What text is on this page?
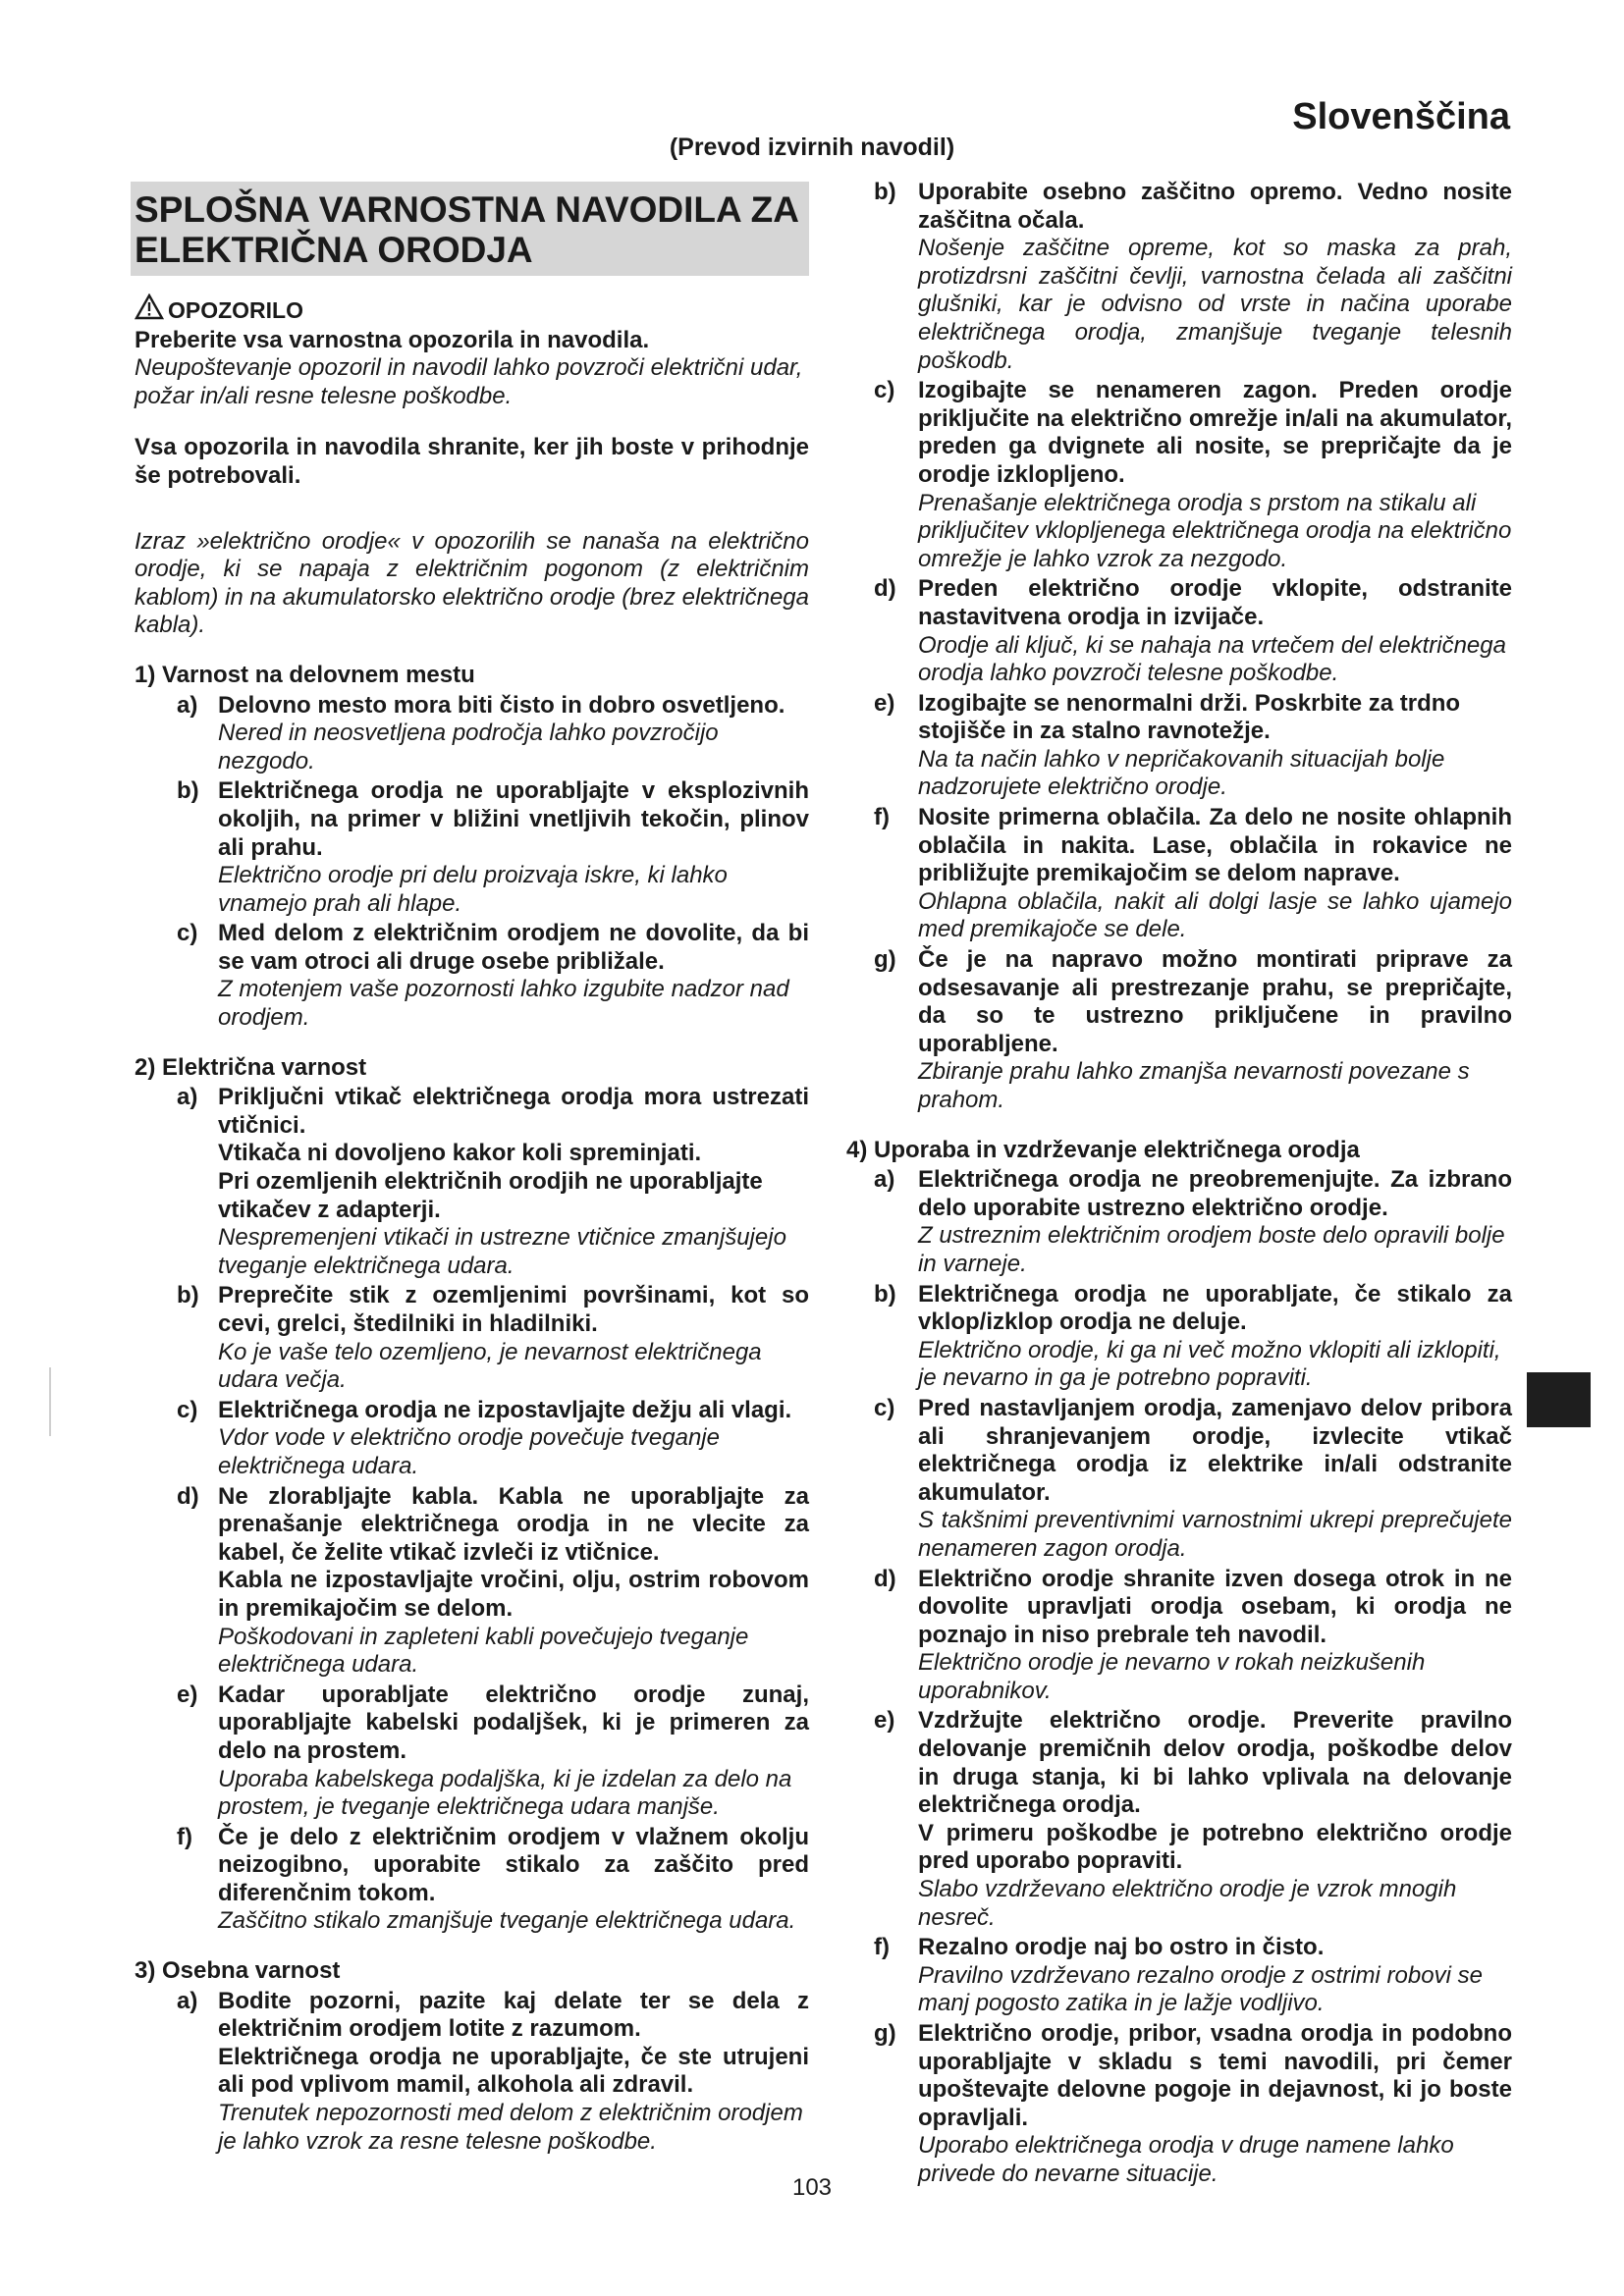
Slovenščina
(Prevod izvirnih navodil)
SPLOŠNA VARNOSTNA NAVODILA ZA ELEKTRIČNA ORODJA
OPOZORILO

Preberite vsa varnostna opozorila in navodila.

Neupoštevanje opozoril in navodil lahko povzroči električni udar, požar in/ali resne telesne poškodbe.

Vsa opozorila in navodila shranite, ker jih boste v prihodnje še potrebovali.

Izraz »električno orodje« v opozorilih se nanaša na električno orodje, ki se napaja z električnim pogonom (z električnim kablom) in na akumulatorsko električno orodje (brez električnega kabla).

1) Varnost na delovnem mestu
a) Delovno mesto mora biti čisto in dobro osvetljeno.

Nered in neosvetljena področja lahko povzročijo nezgodo.

b) Električnega orodja ne uporabljajte v eksplozivnih okoljih, na primer v bližini vnetljivih tekočin, plinov ali prahu.

Električno orodje pri delu proizvaja iskre, ki lahko vnamejo prah ali hlape.

c) Med delom z električnim orodjem ne dovolite, da bi se vam otroci ali druge osebe približale.

Z motenjem vaše pozornosti lahko izgubite nadzor nad orodjem.

2) Električna varnost
a) Priključni vtikač električnega orodja mora ustrezati vtičnici.

Vtikača ni dovoljeno kakor koli spreminjati.

Pri ozemljenih električnih orodjih ne uporabljajte vtikačev z adapterji.

Nespremenjeni vtikači in ustrezne vtičnice zmanjšujejo tveganje električnega udara.

b) Preprečite stik z ozemljenimi površinami, kot so cevi, grelci, štedilniki in hladilniki.

Ko je vaše telo ozemljeno, je nevarnost električnega udara večja.

c) Električnega orodja ne izpostavljajte dežju ali vlagi.

Vdor vode v električno orodje povečuje tveganje električnega udara.

d) Ne zlorabljajte kabla. Kabla ne uporabljajte za prenašanje električnega orodja in ne vlecite za kabel, če želite vtikač izvleči iz vtičnice.

Kabla ne izpostavljajte vročini, olju, ostrim robovom in premikajočim se delom.

Poškodovani in zapleteni kabli povečujejo tveganje električnega udara.

e) Kadar uporabljate električno orodje zunaj, uporabljajte kabelski podaljšek, ki je primeren za delo na prostem.

Uporaba kabelskega podaljška, ki je izdelan za delo na prostem, je tveganje električnega udara manjše.

f)	Če je delo z električnim orodjem v vlažnem okolju neizogibno, uporabite stikalo za zaščito pred diferenčnim tokom.

Zaščitno stikalo zmanjšuje tveganje električnega udara.

3) Osebna varnost
a) Bodite pozorni, pazite kaj delate ter se dela z električnim orodjem lotite z razumom.

Električnega orodja ne uporabljajte, če ste utrujeni ali pod vplivom mamil, alkohola ali zdravil.

Trenutek nepozornosti med delom z električnim orodjem je lahko vzrok za resne telesne poškodbe.

b) Uporabite osebno zaščitno opremo. Vedno nosite zaščitna očala.

Nošenje zaščitne opreme, kot so maska za prah, protizdrsni zaščitni čevlji, varnostna čelada ali zaščitni glušniki, kar je odvisno od vrste in načina uporabe električnega orodja, zmanjšuje tveganje telesnih poškodb.

c) Izogibajte se nenameren zagon. Preden orodje priključite na električno omrežje in/ali na akumulator, preden ga dvignete ali nosite, se prepričajte da je orodje izklopljeno.

Prenašanje električnega orodja s prstom na stikalu ali priključitev vklopljenega električnega orodja na električno omrežje je lahko vzrok za nezgodo.

d) Preden električno orodje vklopite, odstranite nastavitvena orodja in izvijače.

Orodje ali ključ, ki se nahaja na vrtečem del električnega orodja lahko povzroči telesne poškodbe.

e) Izogibajte se nenormalni drži. Poskrbite za trdno stojišče in za stalno ravnotežje.

Na ta način lahko v nepričakovanih situacijah bolje nadzorujete električno orodje.

f)	Nosite primerna oblačila. Za delo ne nosite ohlapnih oblačila in nakita. Lase, oblačila in rokavice ne približujte premikajočim se delom naprave.

Ohlapna oblačila, nakit ali dolgi lasje se lahko ujamejo med premikajoče se dele.

g) Če je na napravo možno montirati priprave za odsesavanje ali prestrezanje prahu, se prepričajte, da so te ustrezno priključene in pravilno uporabljene.

Zbiranje prahu lahko zmanjša nevarnosti povezane s prahom.

4) Uporaba in vzdrževanje električnega orodja
a) Električnega orodja ne preobremenjujte. Za izbrano delo uporabite ustrezno električno orodje.

Z ustreznim električnim orodjem boste delo opravili bolje in varneje.

b) Električnega orodja ne uporabljate, če stikalo za vklop/izklop orodja ne deluje.

Električno orodje, ki ga ni več možno vklopiti ali izklopiti, je nevarno in ga je potrebno popraviti.

c) Pred nastavljanjem orodja, zamenjavo delov pribora ali shranjevanjem orodje, izvlecite vtikač električnega orodja iz elektrike in/ali odstranite akumulator.

S takšnimi preventivnimi varnostnimi ukrepi preprečujete nenameren zagon orodja.

d) Električno orodje shranite izven dosega otrok in ne dovolite upravljati orodja osebam, ki orodja ne poznajo in niso prebrale teh navodil.

Električno orodje je nevarno v rokah neizkušenih uporabnikov.

e) Vzdržujte električno orodje. Preverite pravilno delovanje premičnih delov orodja, poškodbe delov in druga stanja, ki bi lahko vplivala na delovanje električnega orodja.

V primeru poškodbe je potrebno električno orodje pred uporabo popraviti.

Slabo vzdrževano električno orodje je vzrok mnogih nesreč.

f)	Rezalno orodje naj bo ostro in čisto.

Pravilno vzdrževano rezalno orodje z ostrimi robovi se manj pogosto zatika in je lažje vodljivo.

g) Električno orodje, pribor, vsadna orodja in podobno uporabljajte v skladu s temi navodili, pri čemer upoštevajte delovne pogoje in dejavnost, ki jo boste opravljali.

Uporabo električnega orodja v druge namene lahko privede do nevarne situacije.

103
